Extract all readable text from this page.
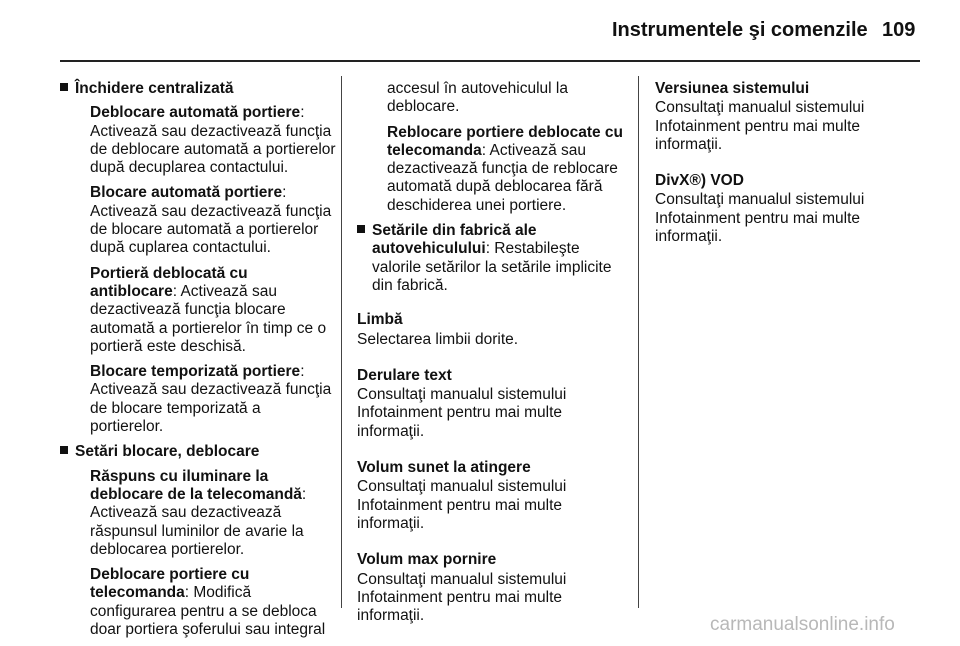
Instrumentele şi comenzile 109
Închidere centralizată

Deblocare automată portiere: Activează sau dezactivează funcţia de deblocare automată a portierelor după decuplarea contactului.

Blocare automată portiere: Activează sau dezactivează funcţia de blocare automată a portierelor după cuplarea contactului.

Portieră deblocată cu antiblocare: Activează sau dezactivează funcţia blocare automată a portierelor în timp ce o portieră este deschisă.

Blocare temporizată portiere: Activează sau dezactivează funcţia de blocare temporizată a portierelor.

Setări blocare, deblocare

Răspuns cu iluminare la deblocare de la telecomandă: Activează sau dezactivează răspunsul luminilor de avarie la deblocarea portierelor.

Deblocare portiere cu telecomanda: Modifică configurarea pentru a se debloca doar portiera şoferului sau integral

accesul în autovehiculul la deblocare.

Reblocare portiere deblocate cu telecomanda: Activează sau dezactivează funcţia de reblocare automată după deblocarea fără deschiderea unei portiere.

Setările din fabrică ale autovehiculului: Restabileşte valorile setărilor la setările implicite din fabrică.
Limbă
Selectarea limbii dorite.
Derulare text
Consultaţi manualul sistemului Infotainment pentru mai multe informaţii.
Volum sunet la atingere
Consultaţi manualul sistemului Infotainment pentru mai multe informaţii.
Volum max pornire
Consultaţi manualul sistemului Infotainment pentru mai multe informaţii.
Versiunea sistemului
Consultaţi manualul sistemului Infotainment pentru mai multe informaţii.
DivX®) VOD
Consultaţi manualul sistemului Infotainment pentru mai multe informaţii.
carmanualsonline.info
